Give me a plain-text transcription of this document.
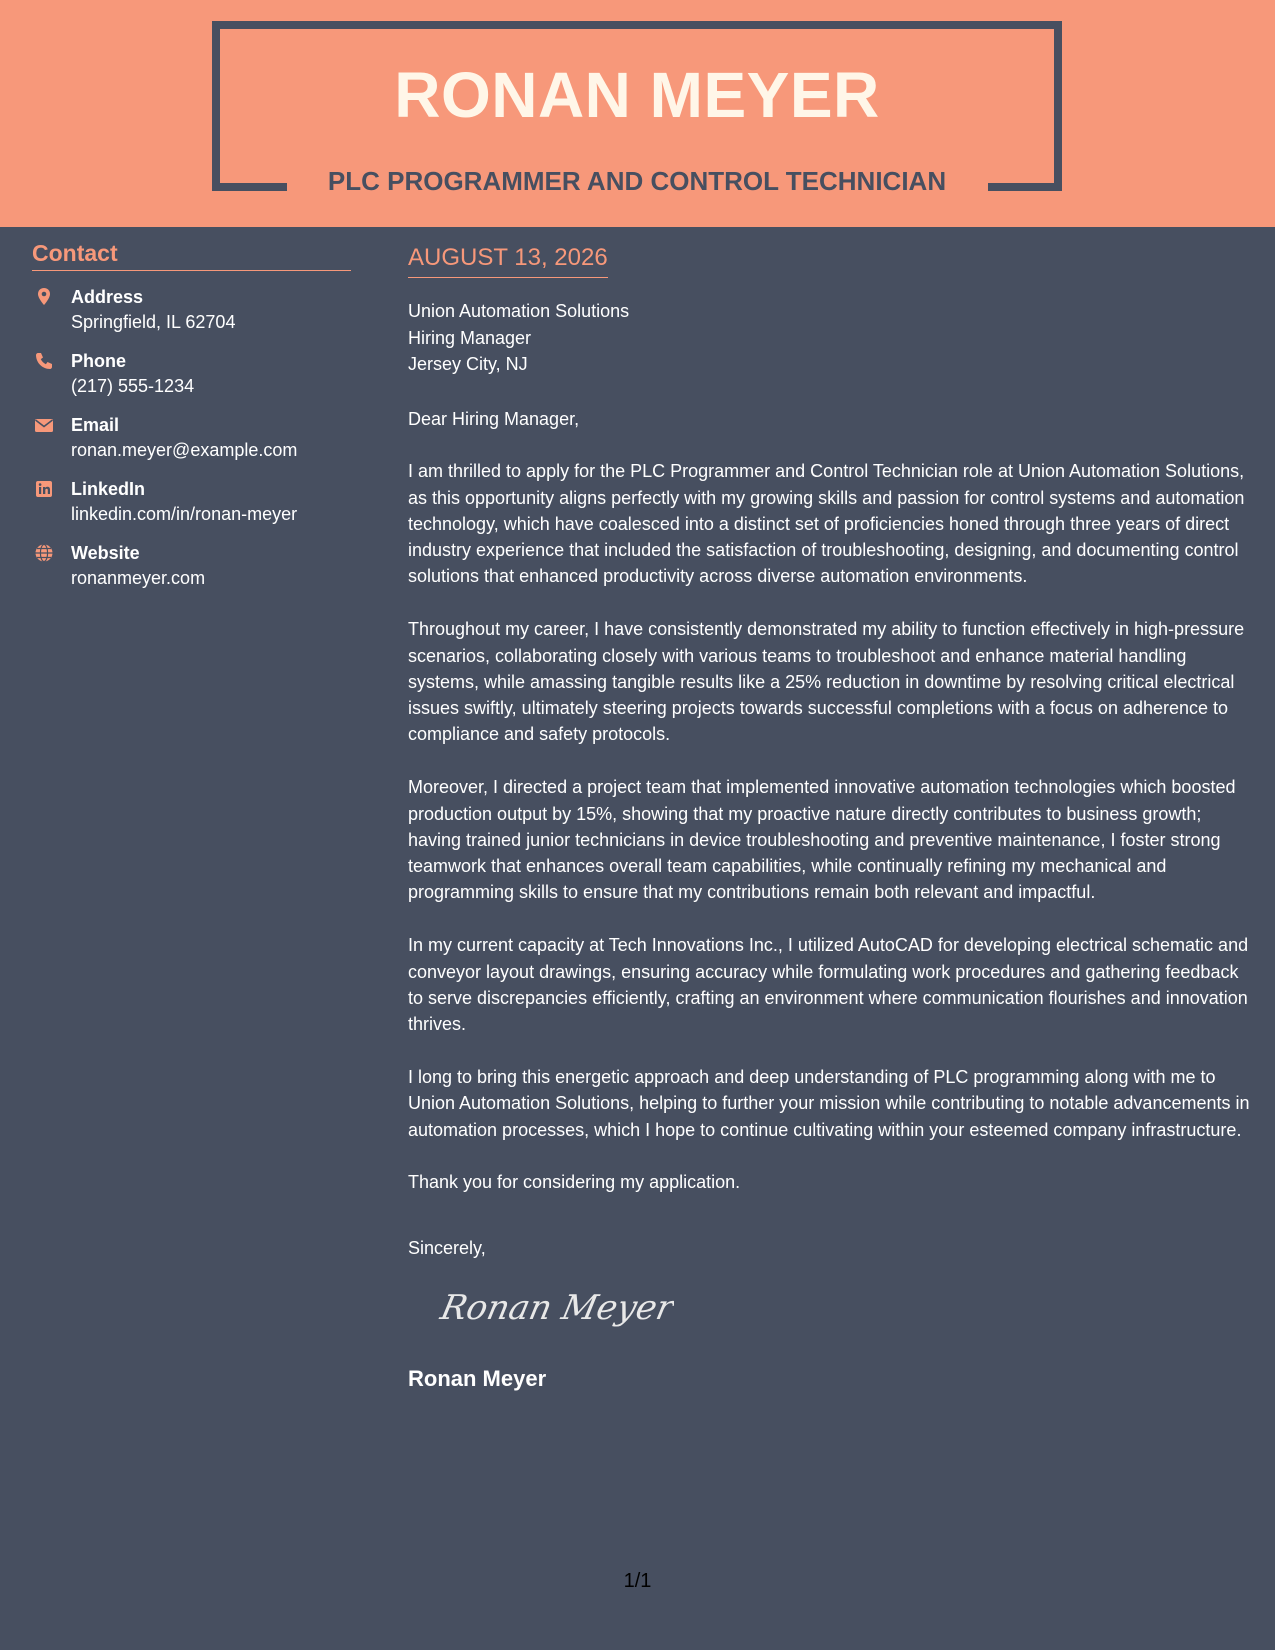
RONAN MEYER
PLC PROGRAMMER AND CONTROL TECHNICIAN
Contact
Address
Springfield, IL 62704
Phone
(217) 555-1234
Email
ronan.meyer@example.com
LinkedIn
linkedin.com/in/ronan-meyer
Website
ronanmeyer.com
AUGUST 13, 2026
Union Automation Solutions
Hiring Manager
Jersey City, NJ

Dear Hiring Manager,

I am thrilled to apply for the PLC Programmer and Control Technician role at Union Automation Solutions, as this opportunity aligns perfectly with my growing skills and passion for control systems and automation technology, which have coalesced into a distinct set of proficiencies honed through three years of direct industry experience that included the satisfaction of troubleshooting, designing, and documenting control solutions that enhanced productivity across diverse automation environments.

Throughout my career, I have consistently demonstrated my ability to function effectively in high-pressure scenarios, collaborating closely with various teams to troubleshoot and enhance material handling systems, while amassing tangible results like a 25% reduction in downtime by resolving critical electrical issues swiftly, ultimately steering projects towards successful completions with a focus on adherence to compliance and safety protocols.

Moreover, I directed a project team that implemented innovative automation technologies which boosted production output by 15%, showing that my proactive nature directly contributes to business growth; having trained junior technicians in device troubleshooting and preventive maintenance, I foster strong teamwork that enhances overall team capabilities, while continually refining my mechanical and programming skills to ensure that my contributions remain both relevant and impactful.

In my current capacity at Tech Innovations Inc., I utilized AutoCAD for developing electrical schematic and conveyor layout drawings, ensuring accuracy while formulating work procedures and gathering feedback to serve discrepancies efficiently, crafting an environment where communication flourishes and innovation thrives.

I long to bring this energetic approach and deep understanding of PLC programming along with me to Union Automation Solutions, helping to further your mission while contributing to notable advancements in automation processes, which I hope to continue cultivating within your esteemed company infrastructure.

Thank you for considering my application.

Sincerely,
Ronan Meyer
Ronan Meyer
1/1
